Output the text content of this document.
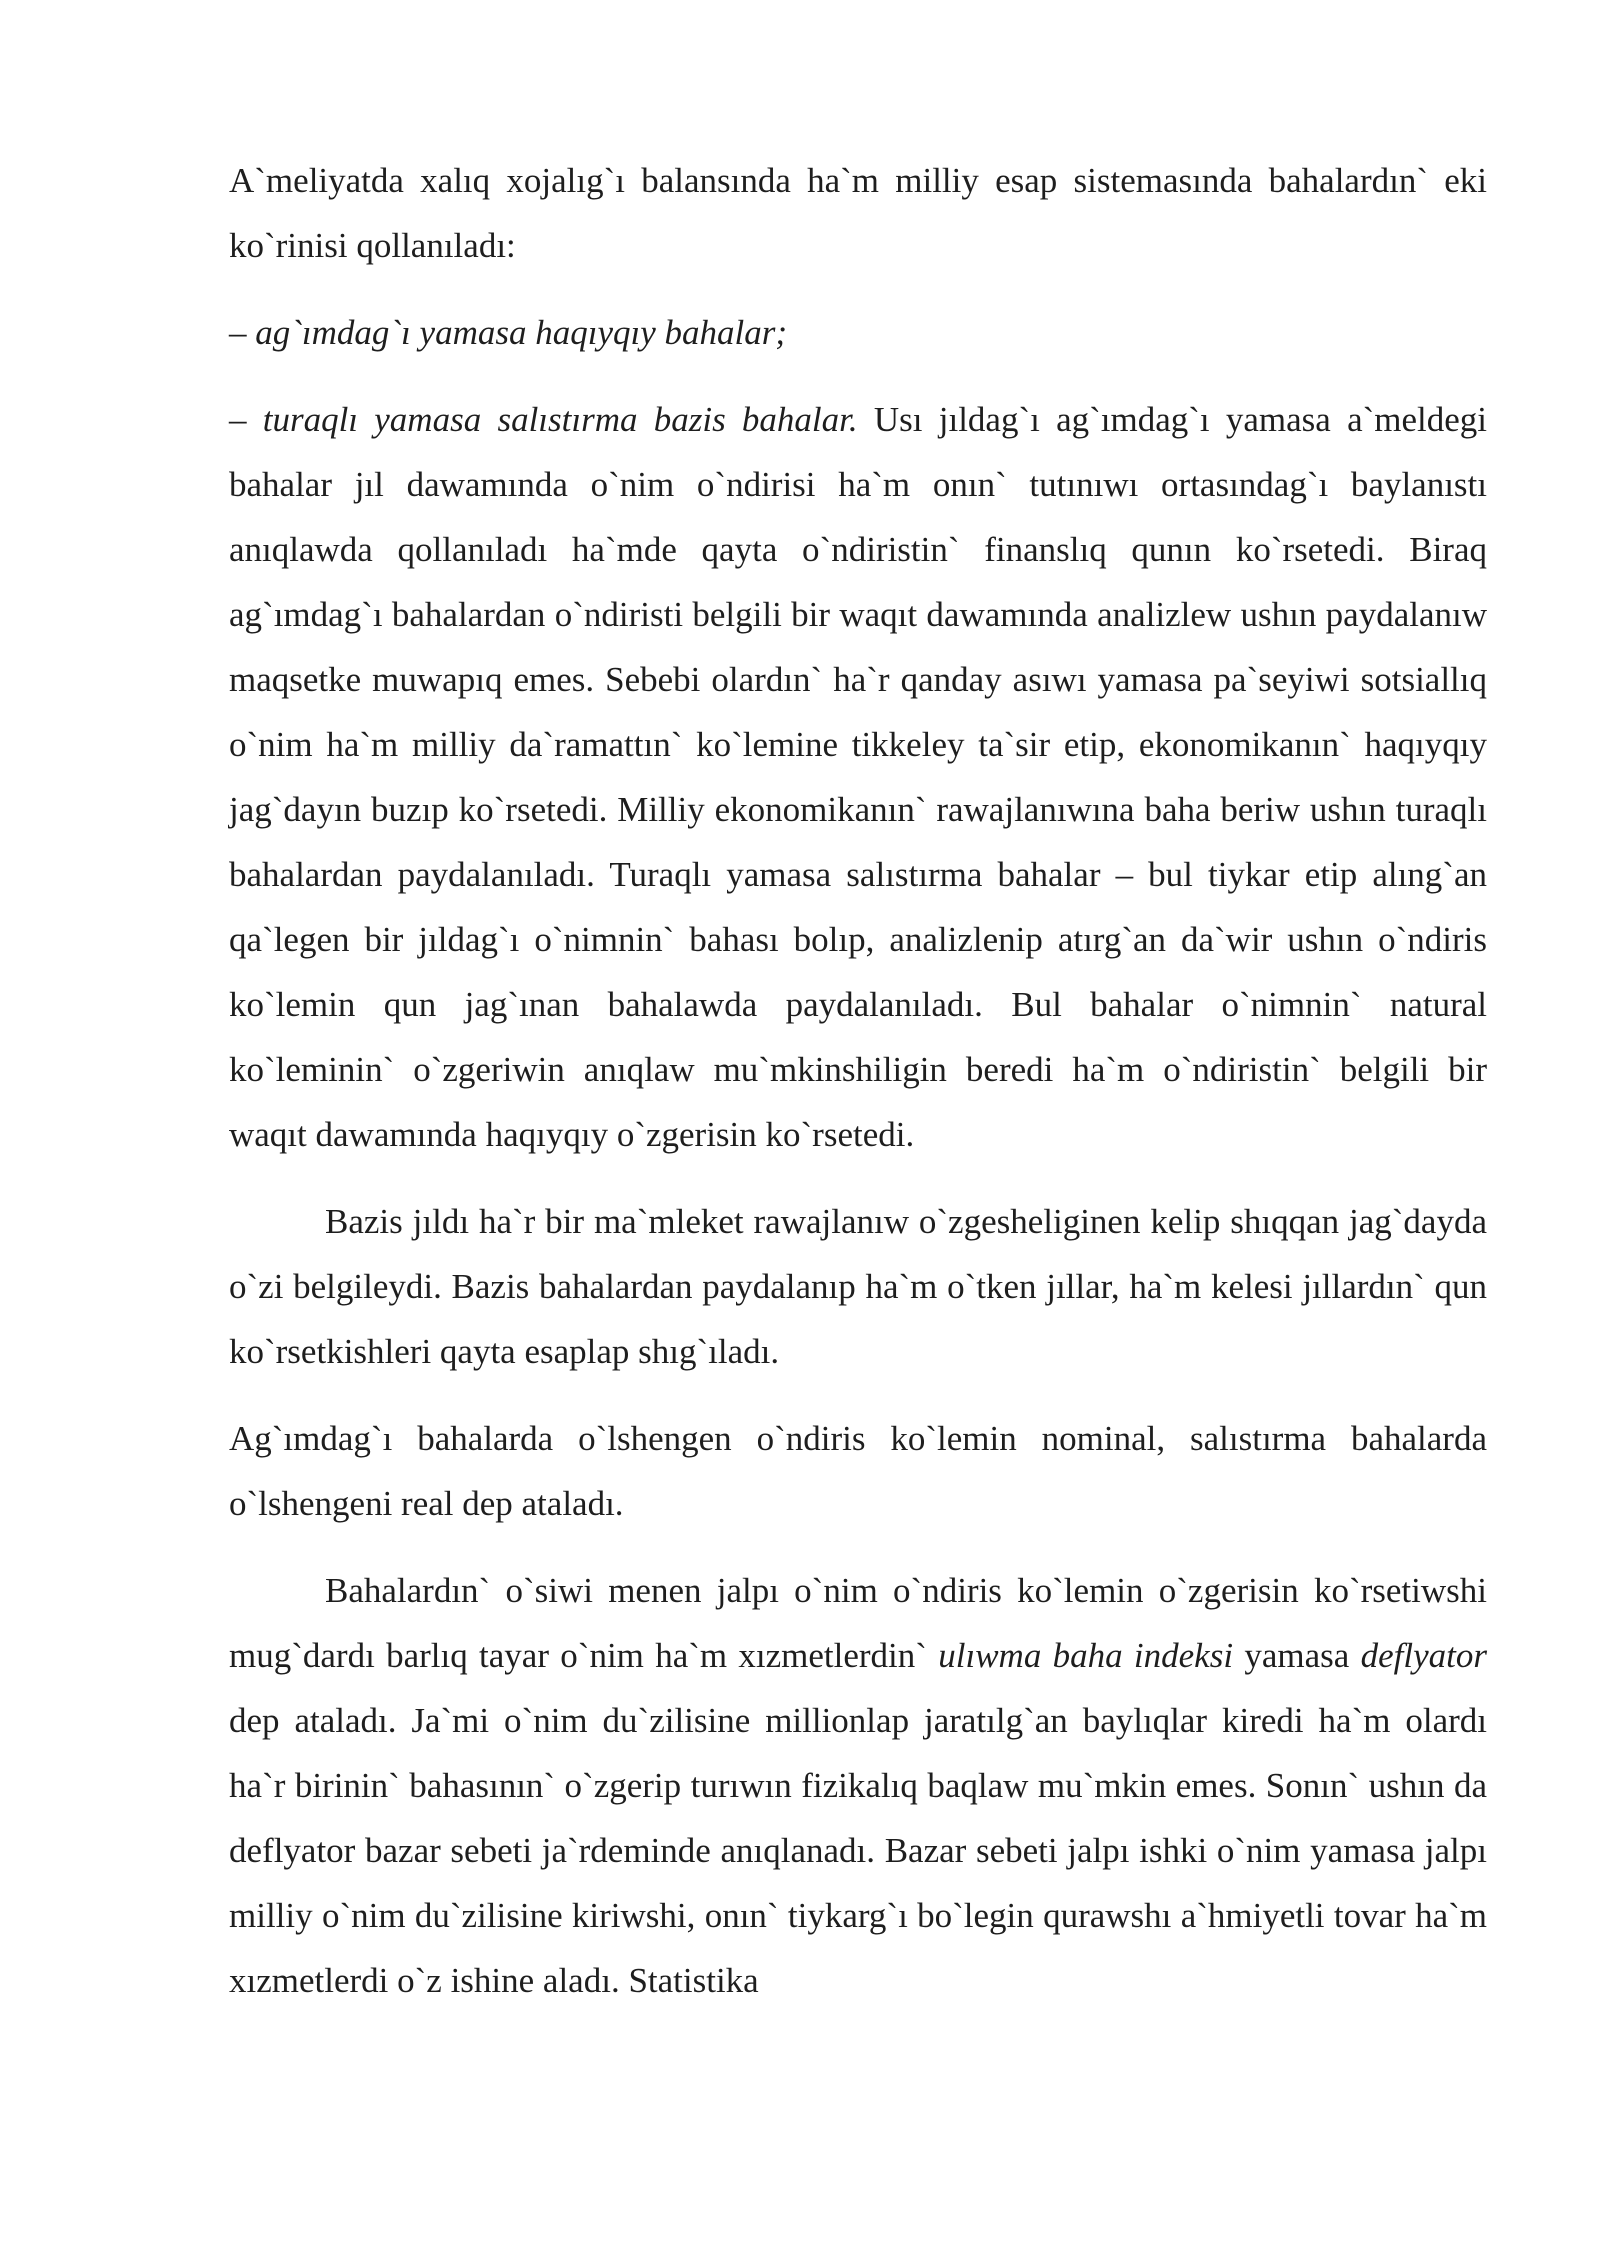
A`meliyatda xalıq xojalıg`ı balansında ha`m milliy esap sistemasında bahalardın` eki ko`rinisi qollanıladı:

– ag`ımdag`ı yamasa haqıyqıy bahalar;

– turaqlı yamasa salıstırma bazis bahalar. Usı jıldag`ı ag`ımdag`ı yamasa a`meldegi bahalar jıl dawamında o`nim o`ndirisi ha`m onın` tutınıwı ortasındag`ı baylanıstı anıqlawda qollanıladı ha`mde qayta o`ndiristin` finanslıq qunın ko`rsetedi. Biraq ag`ımdag`ı bahalardan o`ndiristi belgili bir waqıt dawamında analizlew ushın paydalanıw maqsetke muwapıq emes. Sebebi olardın` ha`r qanday asıwı yamasa pa`seyiwi sotsiallıq o`nim ha`m milliy da`ramattın` ko`lemine tikkeley ta`sir etip, ekonomikanın` haqıyqıy jag`dayın buzıp ko`rsetedi. Milliy ekonomikanın` rawajlanıwına baha beriw ushın turaqlı bahalardan paydalanıladı. Turaqlı yamasa salıstırma bahalar – bul tiykar etip alıng`an qa`legen bir jıldag`ı o`nimnin` bahası bolıp, analizlenip atırg`an da`wir ushın o`ndiris ko`lemin qun jag`ınan bahalawda paydalanıladı. Bul bahalar o`nimnin` natural ko`leminin` o`zgeriwin anıqlaw mu`mkinshiligin beredi ha`m o`ndiristin` belgili bir waqıt dawamında haqıyqıy o`zgerisin ko`rsetedi.

Bazis jıldı ha`r bir ma`mleket rawajlanıw o`zgesheliginen kelip shıqqan jag`dayda o`zi belgileydi. Bazis bahalardan paydalanıp ha`m o`tken jıllar, ha`m kelesi jıllardın` qun ko`rsetkishleri qayta esaplap shıg`ıladı.

Ag`ımdag`ı bahalarda o`lshengen o`ndiris ko`lemin nominal, salıstırma bahalarda o`lshengeni real dep ataladı.

Bahalardın` o`siwi menen jalpı o`nim o`ndiris ko`lemin o`zgerisin ko`rsetiwshi mug`dardı barlıq tayar o`nim ha`m xızmetlerdin` ulıwma baha indeksi yamasa deflyator dep ataladı. Ja`mi o`nim du`zilisine millionlap jaratılg`an baylıqlar kiredi ha`m olardı ha`r birinin` bahasının` o`zgerip turıwın fizikalıq baqlaw mu`mkin emes. Sonın` ushın da deflyator bazar sebeti ja`rdeminde anıqlanadı. Bazar sebeti jalpı ishki o`nim yamasa jalpı milliy o`nim du`zilisine kiriwshi, onın` tiykarg`ı bo`legin qurawshı a`hmiyetli tovar ha`m xızmetlerdi o`z ishine aladı. Statistika
